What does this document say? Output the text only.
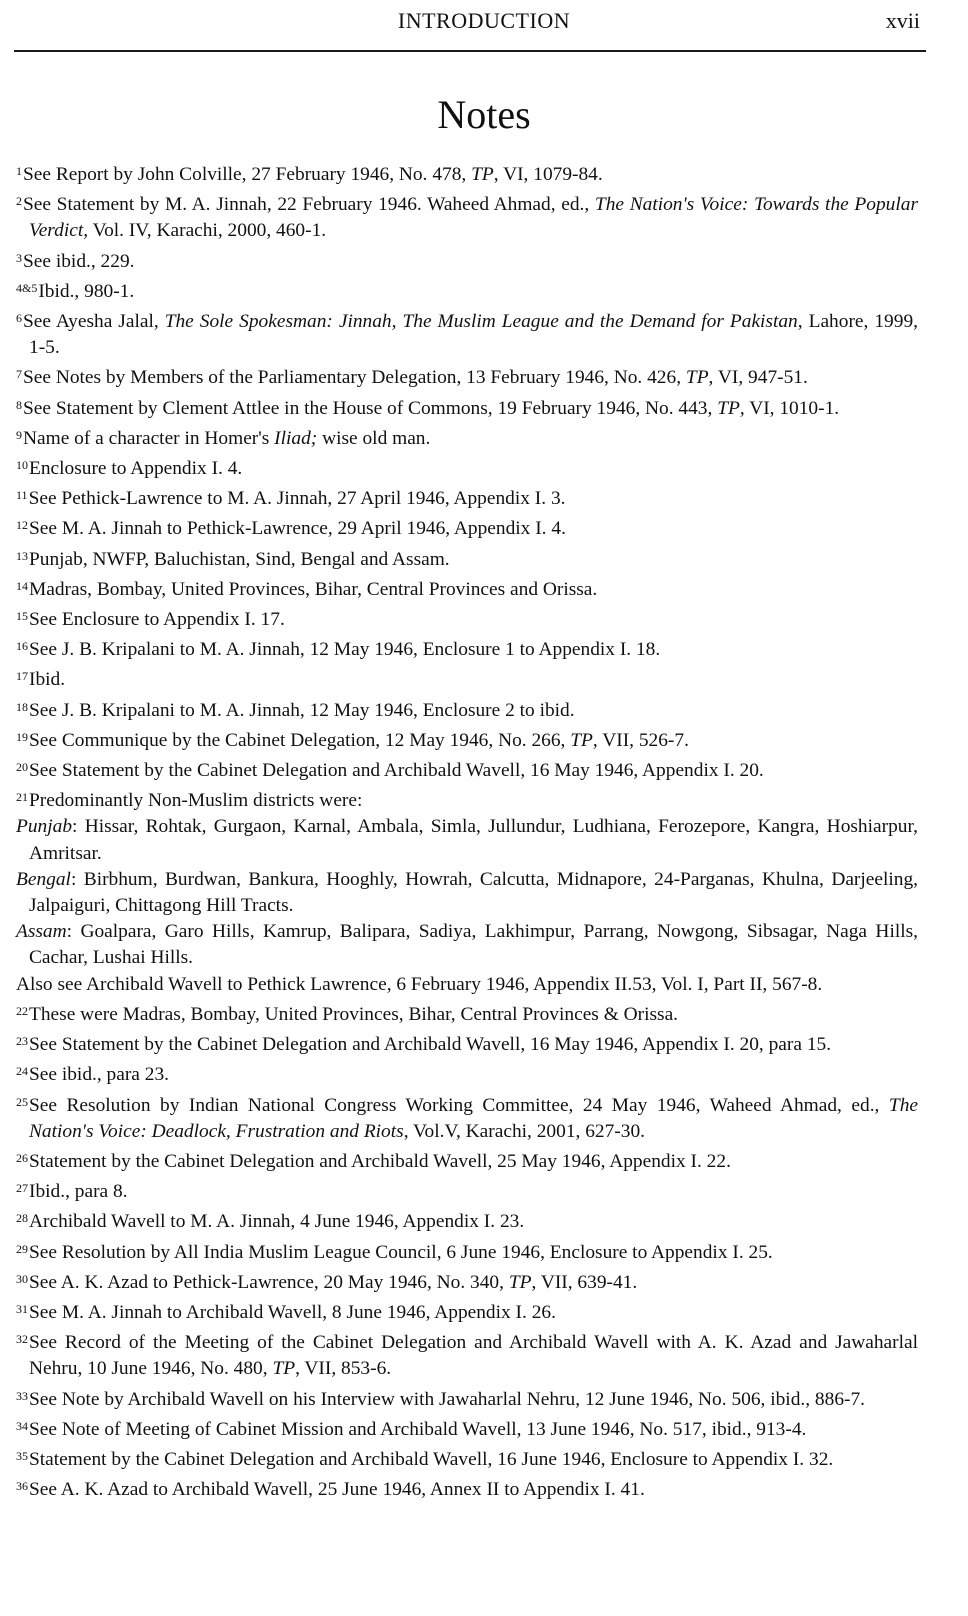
INTRODUCTION	xvii
Notes
$^1$See Report by John Colville, 27 February 1946, No. 478, TP, VI, 1079-84.
$^2$See Statement by M. A. Jinnah, 22 February 1946. Waheed Ahmad, ed., The Nation's Voice: Towards the Popular Verdict, Vol. IV, Karachi, 2000, 460-1.
$^3$See ibid., 229.
$^{4\&5}$Ibid., 980-1.
$^6$See Ayesha Jalal, The Sole Spokesman: Jinnah, The Muslim League and the Demand for Pakistan, Lahore, 1999, 1-5.
$^7$See Notes by Members of the Parliamentary Delegation, 13 February 1946, No. 426, TP, VI, 947-51.
$^8$See Statement by Clement Attlee in the House of Commons, 19 February 1946, No. 443, TP, VI, 1010-1.
$^9$Name of a character in Homer's Iliad; wise old man.
$^{10}$Enclosure to Appendix I. 4.
$^{11}$See Pethick-Lawrence to M. A. Jinnah, 27 April 1946, Appendix I. 3.
$^{12}$See M. A. Jinnah to Pethick-Lawrence, 29 April 1946, Appendix I. 4.
$^{13}$Punjab, NWFP, Baluchistan, Sind, Bengal and Assam.
$^{14}$Madras, Bombay, United Provinces, Bihar, Central Provinces and Orissa.
$^{15}$See Enclosure to Appendix I. 17.
$^{16}$See J. B. Kripalani to M. A. Jinnah, 12 May 1946, Enclosure 1 to Appendix I. 18.
$^{17}$Ibid.
$^{18}$See J. B. Kripalani to M. A. Jinnah, 12 May 1946, Enclosure 2 to ibid.
$^{19}$See Communique by the Cabinet Delegation, 12 May 1946, No. 266, TP, VII, 526-7.
$^{20}$See Statement by the Cabinet Delegation and Archibald Wavell, 16 May 1946, Appendix I. 20.
$^{21}$Predominantly Non-Muslim districts were:
Punjab: Hissar, Rohtak, Gurgaon, Karnal, Ambala, Simla, Jullundur, Ludhiana, Ferozepore, Kangra, Hoshiarpur, Amritsar.
Bengal: Birbhum, Burdwan, Bankura, Hooghly, Howrah, Calcutta, Midnapore, 24-Parganas, Khulna, Darjeeling, Jalpaiguri, Chittagong Hill Tracts.
Assam: Goalpara, Garo Hills, Kamrup, Balipara, Sadiya, Lakhimpur, Parrang, Nowgong, Sibsagar, Naga Hills, Cachar, Lushai Hills.
Also see Archibald Wavell to Pethick Lawrence, 6 February 1946, Appendix II.53, Vol. I, Part II, 567-8.
$^{22}$These were Madras, Bombay, United Provinces, Bihar, Central Provinces & Orissa.
$^{23}$See Statement by the Cabinet Delegation and Archibald Wavell, 16 May 1946, Appendix I. 20, para 15.
$^{24}$See ibid., para 23.
$^{25}$See Resolution by Indian National Congress Working Committee, 24 May 1946, Waheed Ahmad, ed., The Nation's Voice: Deadlock, Frustration and Riots, Vol.V, Karachi, 2001, 627-30.
$^{26}$Statement by the Cabinet Delegation and Archibald Wavell, 25 May 1946, Appendix I. 22.
$^{27}$Ibid., para 8.
$^{28}$Archibald Wavell to M. A. Jinnah, 4 June 1946, Appendix I. 23.
$^{29}$See Resolution by All India Muslim League Council, 6 June 1946, Enclosure to Appendix I. 25.
$^{30}$See A. K. Azad to Pethick-Lawrence, 20 May 1946, No. 340, TP, VII, 639-41.
$^{31}$See M. A. Jinnah to Archibald Wavell, 8 June 1946, Appendix I. 26.
$^{32}$See Record of the Meeting of the Cabinet Delegation and Archibald Wavell with A. K. Azad and Jawaharlal Nehru, 10 June 1946, No. 480, TP, VII, 853-6.
$^{33}$See Note by Archibald Wavell on his Interview with Jawaharlal Nehru, 12 June 1946, No. 506, ibid., 886-7.
$^{34}$See Note of Meeting of Cabinet Mission and Archibald Wavell, 13 June 1946, No. 517, ibid., 913-4.
$^{35}$Statement by the Cabinet Delegation and Archibald Wavell, 16 June 1946, Enclosure to Appendix I. 32.
$^{36}$See A. K. Azad to Archibald Wavell, 25 June 1946, Annex II to Appendix I. 41.
